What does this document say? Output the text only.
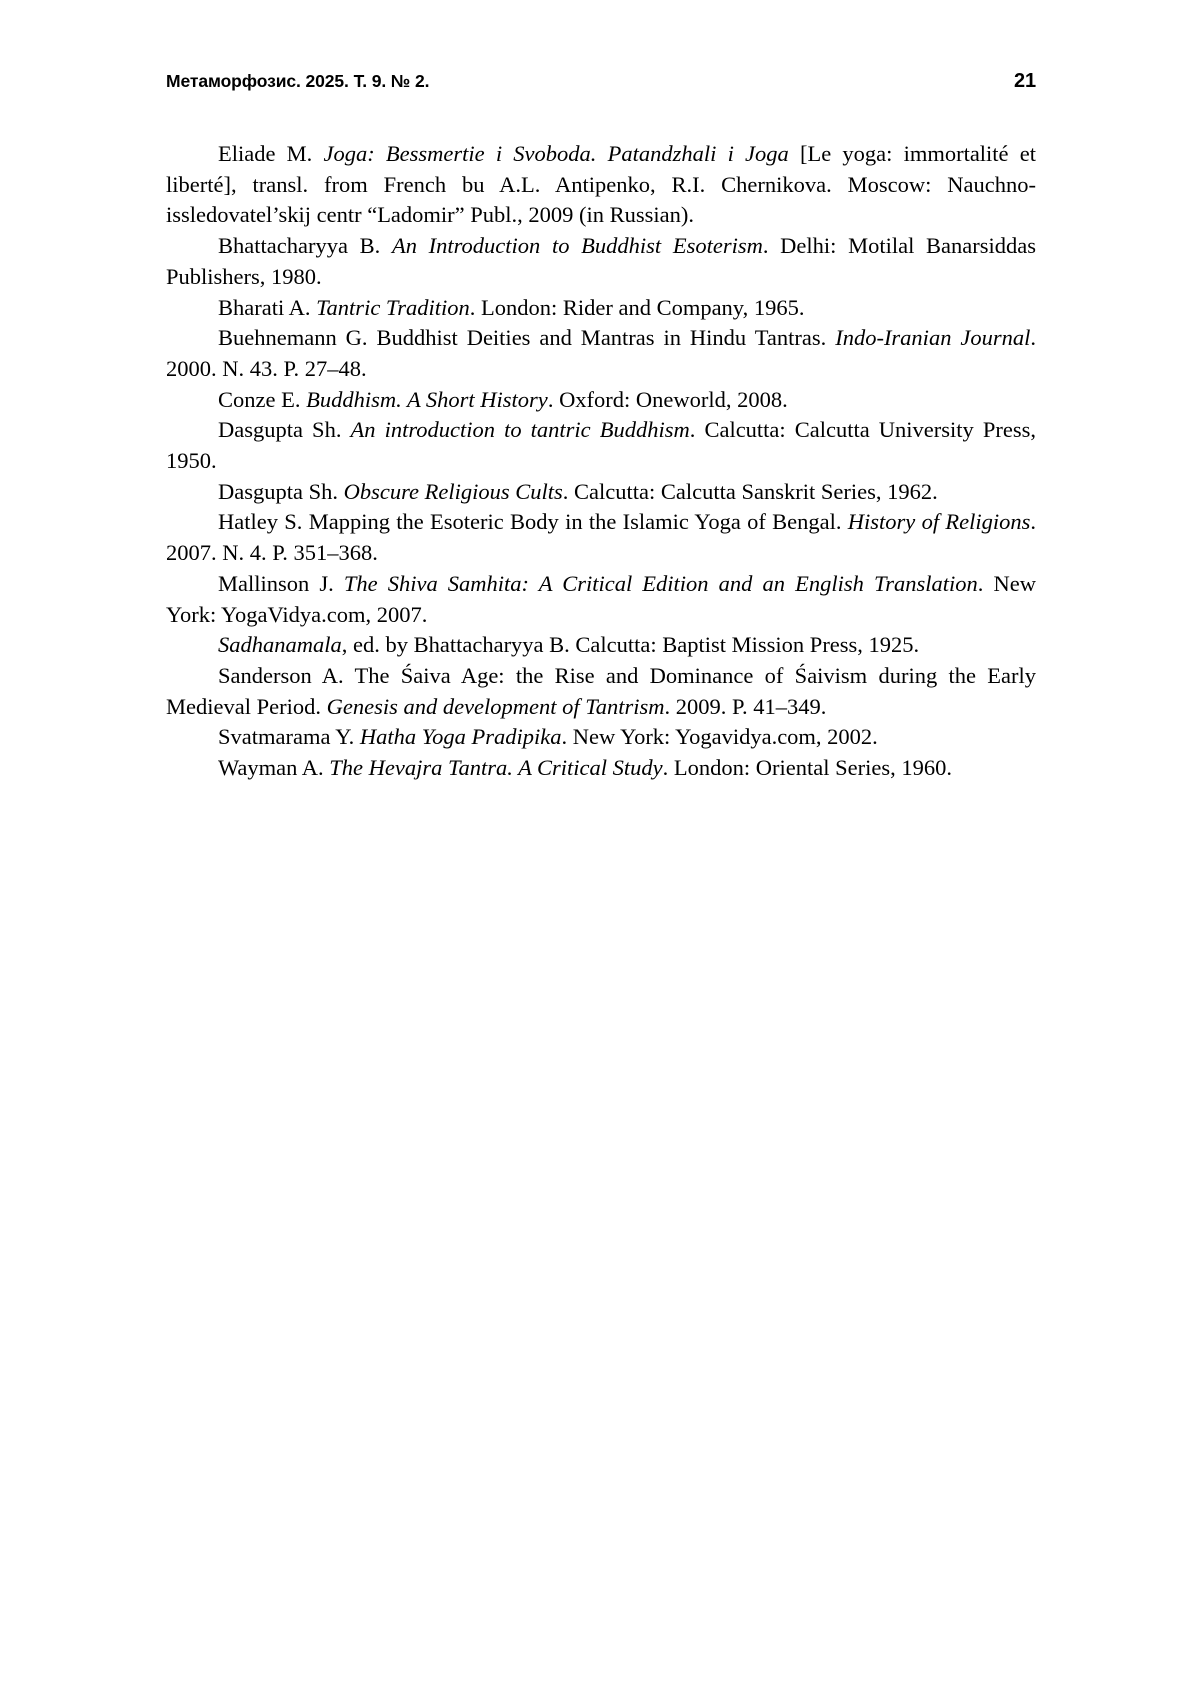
Метаморфозис. 2025. Т. 9. № 2.	21

Eliade M. Joga: Bessmertie i Svoboda. Patandzhali i Joga [Le yoga: immortalité et liberté], transl. from French bu A.L. Antipenko, R.I. Chernikova. Moscow: Nauchno-issledovatel’skij centr “Ladomir” Publ., 2009 (in Russian).

Bhattacharyya B. An Introduction to Buddhist Esoterism. Delhi: Motilal Banarsiddas Publishers, 1980.

Bharati A. Tantric Tradition. London: Rider and Company, 1965.

Buehnemann G. Buddhist Deities and Mantras in Hindu Tantras. Indo-Iranian Journal. 2000. N. 43. P. 27–48.

Conze E. Buddhism. A Short History. Oxford: Oneworld, 2008.

Dasgupta Sh. An introduction to tantric Buddhism. Calcutta: Calcutta University Press, 1950.

Dasgupta Sh. Obscure Religious Cults. Calcutta: Calcutta Sanskrit Series, 1962.

Hatley S. Mapping the Esoteric Body in the Islamic Yoga of Bengal. History of Religions. 2007. N. 4. P. 351–368.

Mallinson J. The Shiva Samhita: A Critical Edition and an English Translation. New York: YogaVidya.com, 2007.

Sadhanamala, ed. by Bhattacharyya B. Calcutta: Baptist Mission Press, 1925.

Sanderson A. The Śaiva Age: the Rise and Dominance of Śaivism during the Early Medieval Period. Genesis and development of Tantrism. 2009. P. 41–349.

Svatmarama Y. Hatha Yoga Pradipika. New York: Yogavidya.com, 2002.

Wayman A. The Hevajra Tantra. A Critical Study. London: Oriental Series, 1960.
